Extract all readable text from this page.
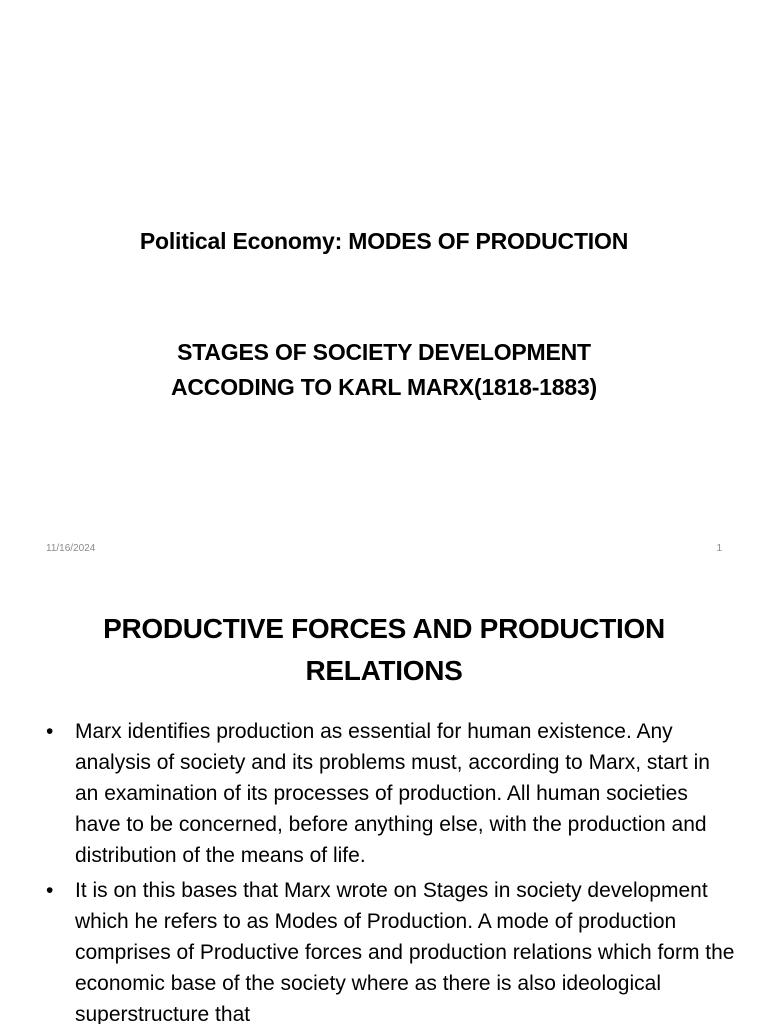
Political Economy: MODES OF PRODUCTION
STAGES OF SOCIETY DEVELOPMENT
ACCODING TO KARL MARX(1818-1883)
11/16/2024	1
PRODUCTIVE FORCES AND PRODUCTION
RELATIONS
• Marx identifies production as essential for human existence. Any analysis of society and its problems must, according to Marx, start in an examination of its processes of production. All human societies have to be concerned, before anything else, with the production and distribution of the means of life.
• It is on this bases that Marx wrote on Stages in society development which he refers to as Modes of Production. A mode of production comprises of Productive forces and production relations which form the economic base of the society where as there is also ideological superstructure that
